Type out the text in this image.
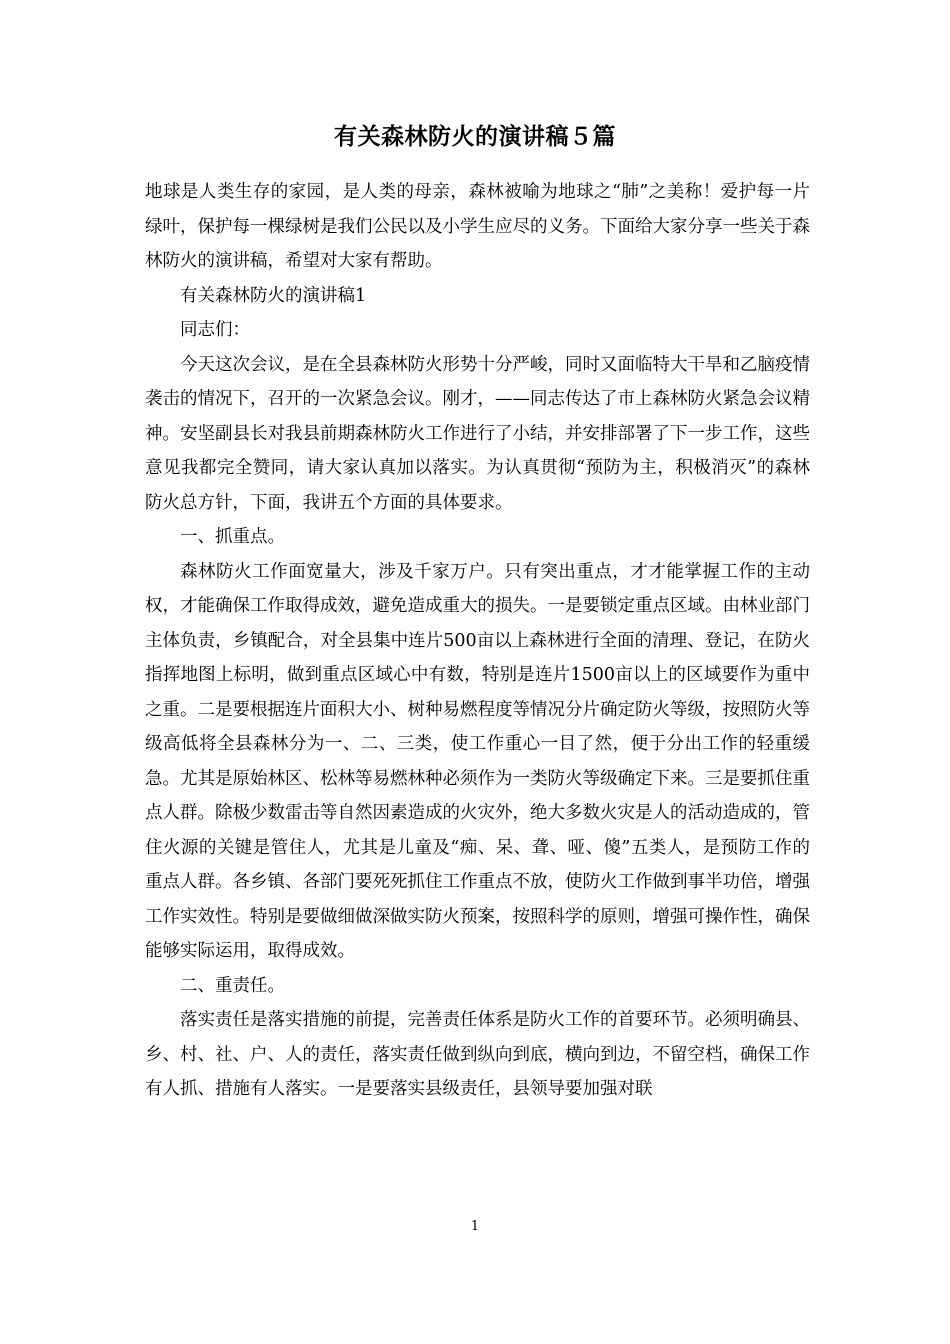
有关森林防火的演讲稿５篇

地球是人类生存的家园，是人类的母亲，森林被喻为地球之“肺”之美称！爱护每一片绿叶，保护每一棵绿树是我们公民以及小学生应尽的义务。下面给大家分享一些关于森林防火的演讲稿，希望对大家有帮助。

有关森林防火的演讲稿1

同志们：

今天这次会议，是在全县森林防火形势十分严峻，同时又面临特大干旱和乙脑疫情袭击的情况下，召开的一次紧急会议。刚才，——同志传达了市上森林防火紧急会议精神。安坚副县长对我县前期森林防火工作进行了小结，并安排部署了下一步工作，这些意见我都完全赞同，请大家认真加以落实。为认真贯彻“预防为主，积极消灭”的森林防火总方针，下面，我讲五个方面的具体要求。

一、抓重点。

森林防火工作面宽量大，涉及千家万户。只有突出重点，才才能掌握工作的主动权，才能确保工作取得成效，避免造成重大的损失。一是要锁定重点区域。由林业部门主体负责，乡镇配合，对全县集中连片500亩以上森林进行全面的清理、登记，在防火指挥地图上标明，做到重点区域心中有数，特别是连片1500亩以上的区域要作为重中之重。二是要根据连片面积大小、树种易燃程度等情况分片确定防火等级，按照防火等级高低将全县森林分为一、二、三类，使工作重心一目了然，便于分出工作的轻重缓急。尤其是原始林区、松林等易燃林种必须作为一类防火等级确定下来。三是要抓住重点人群。除极少数雷击等自然因素造成的火灾外，绝大多数火灾是人的活动造成的，管住火源的关键是管住人，尤其是儿童及“痴、呆、聋、哑、傻”五类人，是预防工作的重点人群。各乡镇、各部门要死死抓住工作重点不放，使防火工作做到事半功倍，增强工作实效性。特别是要做细做深做实防火预案，按照科学的原则，增强可操作性，确保能够实际运用，取得成效。

二、重责任。

落实责任是落实措施的前提，完善责任体系是防火工作的首要环节。必须明确县、乡、村、社、户、人的责任，落实责任做到纵向到底，横向到边，不留空档，确保工作有人抓、措施有人落实。一是要落实县级责任，县领导要加强对联

1
